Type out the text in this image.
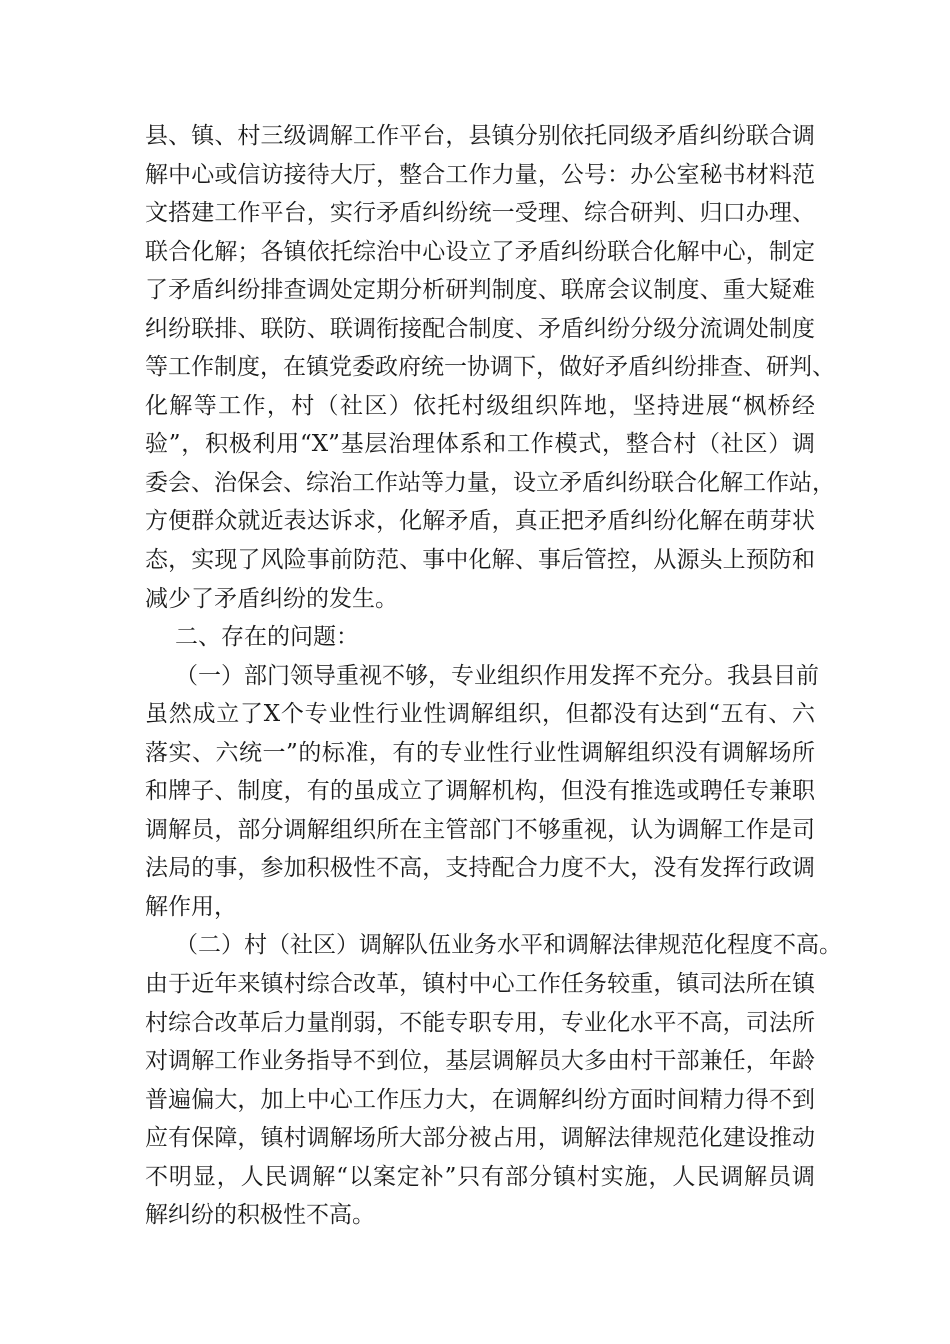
县、镇、村三级调解工作平台，县镇分别依托同级矛盾纠纷联合调
解中心或信访接待大厅，整合工作力量，公号：办公室秘书材料范
文搭建工作平台，实行矛盾纠纷统一受理、综合研判、归口办理、
联合化解；各镇依托综治中心设立了矛盾纠纷联合化解中心，制定
了矛盾纠纷排查调处定期分析研判制度、联席会议制度、重大疑难
纠纷联排、联防、联调衔接配合制度、矛盾纠纷分级分流调处制度
等工作制度，在镇党委政府统一协调下，做好矛盾纠纷排查、研判、
化解等工作，村（社区）依托村级组织阵地，坚持进展“枫桥经
验”，积极利用“X”基层治理体系和工作模式，整合村（社区）调
委会、治保会、综治工作站等力量，设立矛盾纠纷联合化解工作站，
方便群众就近表达诉求，化解矛盾，真正把矛盾纠纷化解在萌芽状
态，实现了风险事前防范、事中化解、事后管控，从源头上预防和
减少了矛盾纠纷的发生。
二、存在的问题：
（一）部门领导重视不够，专业组织作用发挥不充分。我县目前
虽然成立了X个专业性行业性调解组织，但都没有达到“五有、六
落实、六统一”的标准，有的专业性行业性调解组织没有调解场所
和牌子、制度，有的虽成立了调解机构，但没有推选或聘任专兼职
调解员，部分调解组织所在主管部门不够重视，认为调解工作是司
法局的事，参加积极性不高，支持配合力度不大，没有发挥行政调
解作用，
（二）村（社区）调解队伍业务水平和调解法律规范化程度不高。
由于近年来镇村综合改革，镇村中心工作任务较重，镇司法所在镇
村综合改革后力量削弱，不能专职专用，专业化水平不高，司法所
对调解工作业务指导不到位，基层调解员大多由村干部兼任，年龄
普遍偏大，加上中心工作压力大，在调解纠纷方面时间精力得不到
应有保障，镇村调解场所大部分被占用，调解法律规范化建设推动
不明显，人民调解“以案定补”只有部分镇村实施，人民调解员调
解纠纷的积极性不高。
